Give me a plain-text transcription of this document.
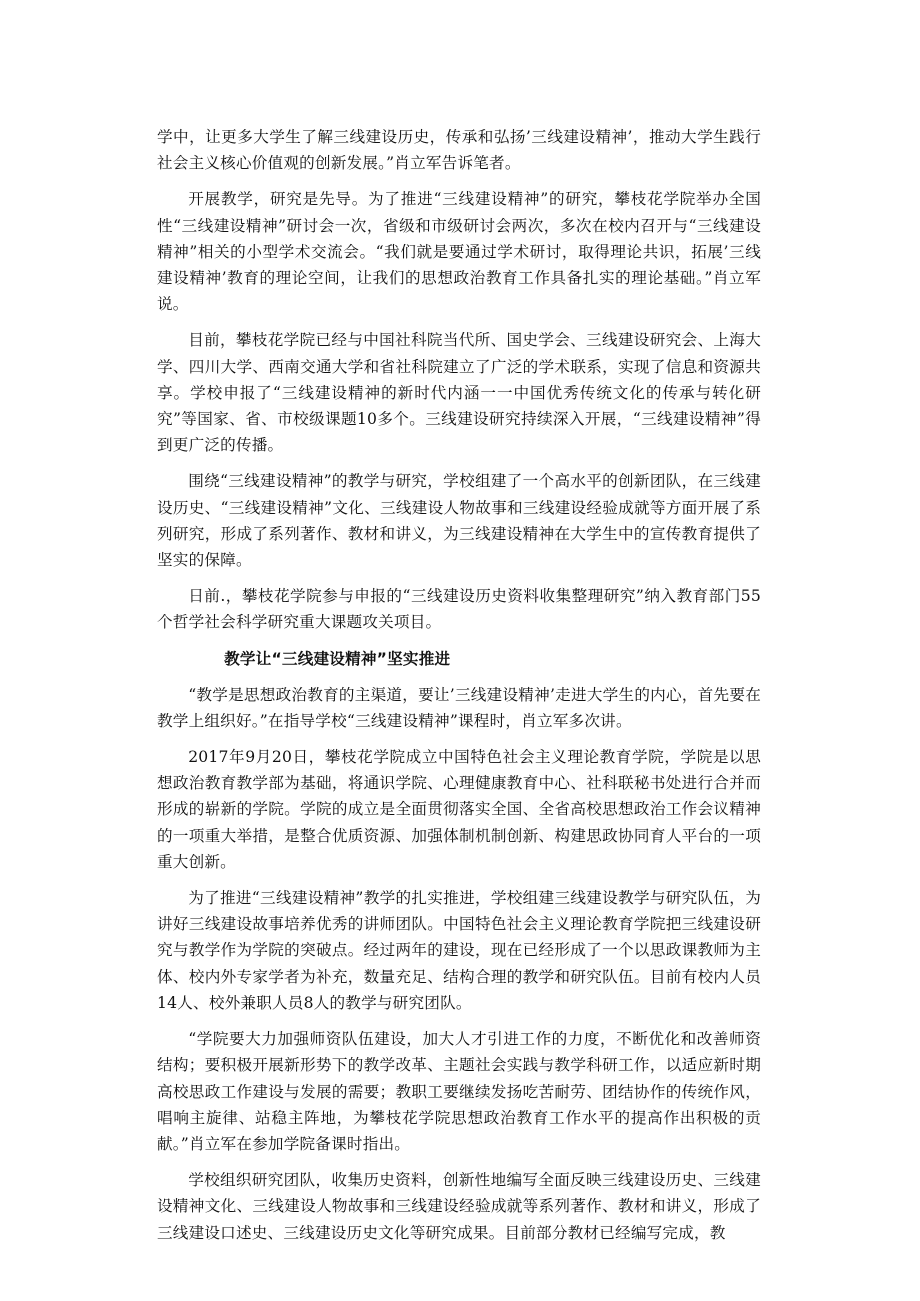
学中，让更多大学生了解三线建设历史，传承和弘扬’三线建设精神’，推动大学生践行社会主义核心价值观的创新发展。”肖立军告诉笔者。

开展教学，研究是先导。为了推进“三线建设精神”的研究，攀枝花学院举办全国性“三线建设精神”研讨会一次，省级和市级研讨会两次，多次在校内召开与“三线建设精神”相关的小型学术交流会。“我们就是要通过学术研讨，取得理论共识，拓展’三线建设精神’教育的理论空间，让我们的思想政治教育工作具备扎实的理论基础。”肖立军说。

目前，攀枝花学院已经与中国社科院当代所、国史学会、三线建设研究会、上海大学、四川大学、西南交通大学和省社科院建立了广泛的学术联系，实现了信息和资源共享。学校申报了“三线建设精神的新时代内涵一一中国优秀传统文化的传承与转化研究”等国家、省、市校级课题10多个。三线建设研究持续深入开展，“三线建设精神”得到更广泛的传播。

围绕“三线建设精神”的教学与研究，学校组建了一个高水平的创新团队，在三线建设历史、“三线建设精神”文化、三线建设人物故事和三线建设经验成就等方面开展了系列研究，形成了系列著作、教材和讲义，为三线建设精神在大学生中的宣传教育提供了坚实的保障。

日前.，攀枝花学院参与申报的“三线建设历史资料收集整理研究”纳入教育部门55个哲学社会科学研究重大课题攻关项目。

教学让“三线建设精神”坚实推进

“教学是思想政治教育的主渠道，要让’三线建设精神’走进大学生的内心，首先要在教学上组织好。”在指导学校“三线建设精神”课程时，肖立军多次讲。

2017年9月20日，攀枝花学院成立中国特色社会主义理论教育学院，学院是以思想政治教育教学部为基础，将通识学院、心理健康教育中心、社科联秘书处进行合并而形成的崭新的学院。学院的成立是全面贯彻落实全国、全省高校思想政治工作会议精神的一项重大举措，是整合优质资源、加强体制机制创新、构建思政协同育人平台的一项重大创新。

为了推进“三线建设精神”教学的扎实推进，学校组建三线建设教学与研究队伍，为讲好三线建设故事培养优秀的讲师团队。中国特色社会主义理论教育学院把三线建设研究与教学作为学院的突破点。经过两年的建设，现在已经形成了一个以思政课教师为主体、校内外专家学者为补充，数量充足、结构合理的教学和研究队伍。目前有校内人员14人、校外兼职人员8人的教学与研究团队。

“学院要大力加强师资队伍建设，加大人才引进工作的力度，不断优化和改善师资结构；要积极开展新形势下的教学改革、主题社会实践与教学科研工作，以适应新时期高校思政工作建设与发展的需要；教职工要继续发扬吃苦耐劳、团结协作的传统作风，唱响主旋律、站稳主阵地，为攀枝花学院思想政治教育工作水平的提高作出积极的贡献。”肖立军在参加学院备课时指出。

学校组织研究团队，收集历史资料，创新性地编写全面反映三线建设历史、三线建设精神文化、三线建设人物故事和三线建设经验成就等系列著作、教材和讲义，形成了三线建设口述史、三线建设历史文化等研究成果。目前部分教材已经编写完成，教
